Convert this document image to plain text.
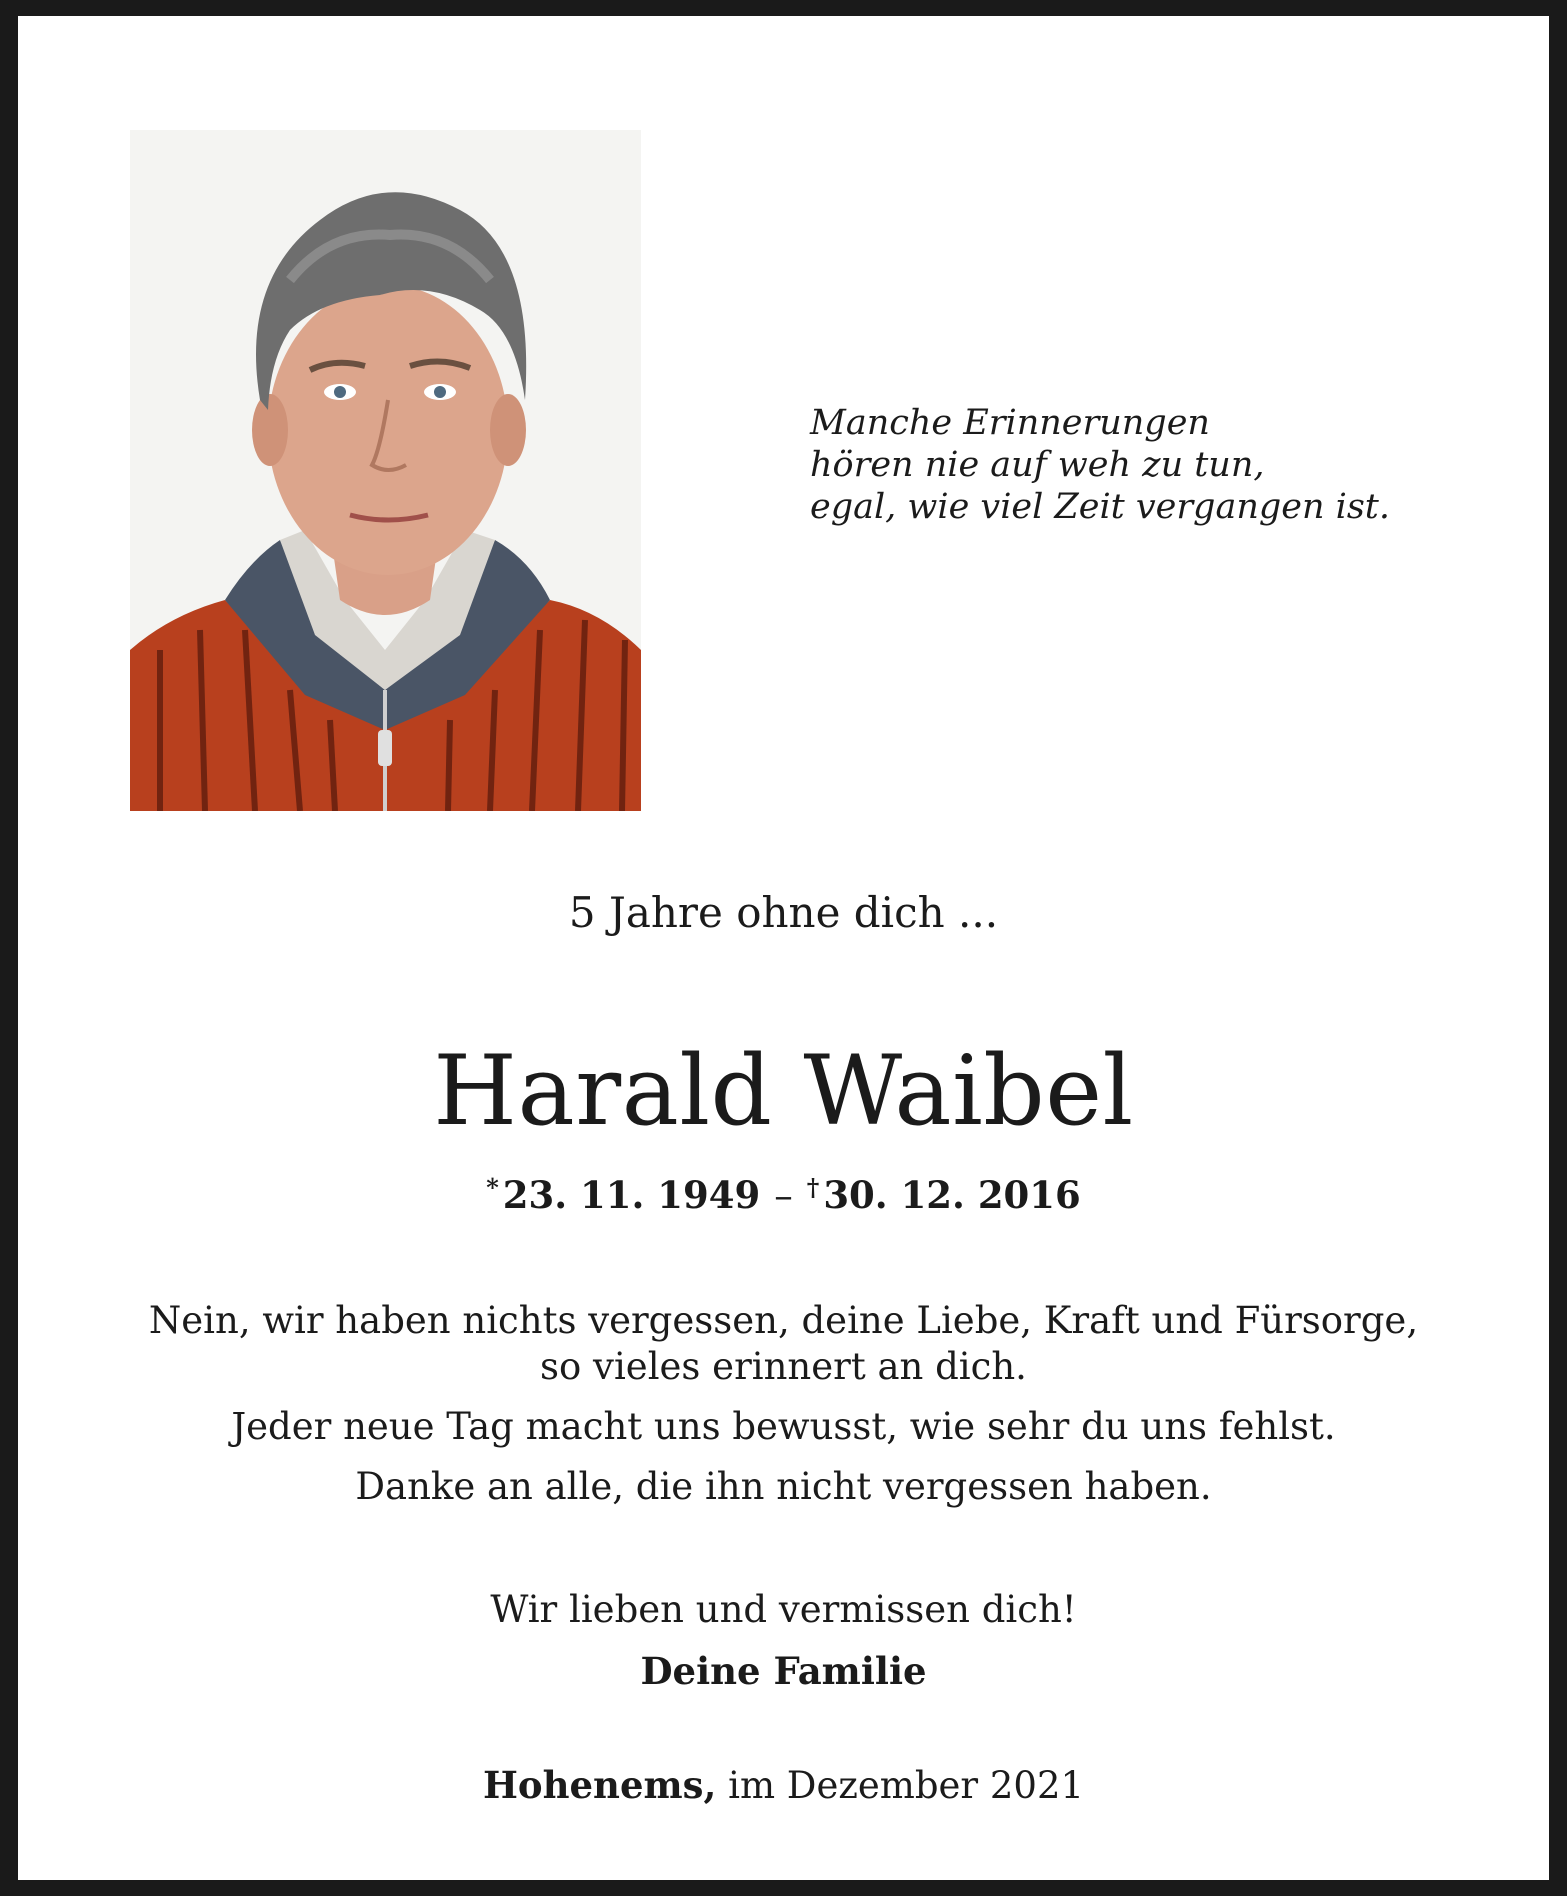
Manche Erinnerungen
hören nie auf weh zu tun,
egal, wie viel Zeit vergangen ist.
5 Jahre ohne dich ...
Harald Waibel
* 23. 11. 1949 – † 30. 12. 2016

Nein, wir haben nichts vergessen, deine Liebe, Kraft und Fürsorge,

so vieles erinnert an dich.

Jeder neue Tag macht uns bewusst, wie sehr du uns fehlst.

Danke an alle, die ihn nicht vergessen haben.

Wir lieben und vermissen dich!
Deine Familie
Hohenems, im Dezember 2021
